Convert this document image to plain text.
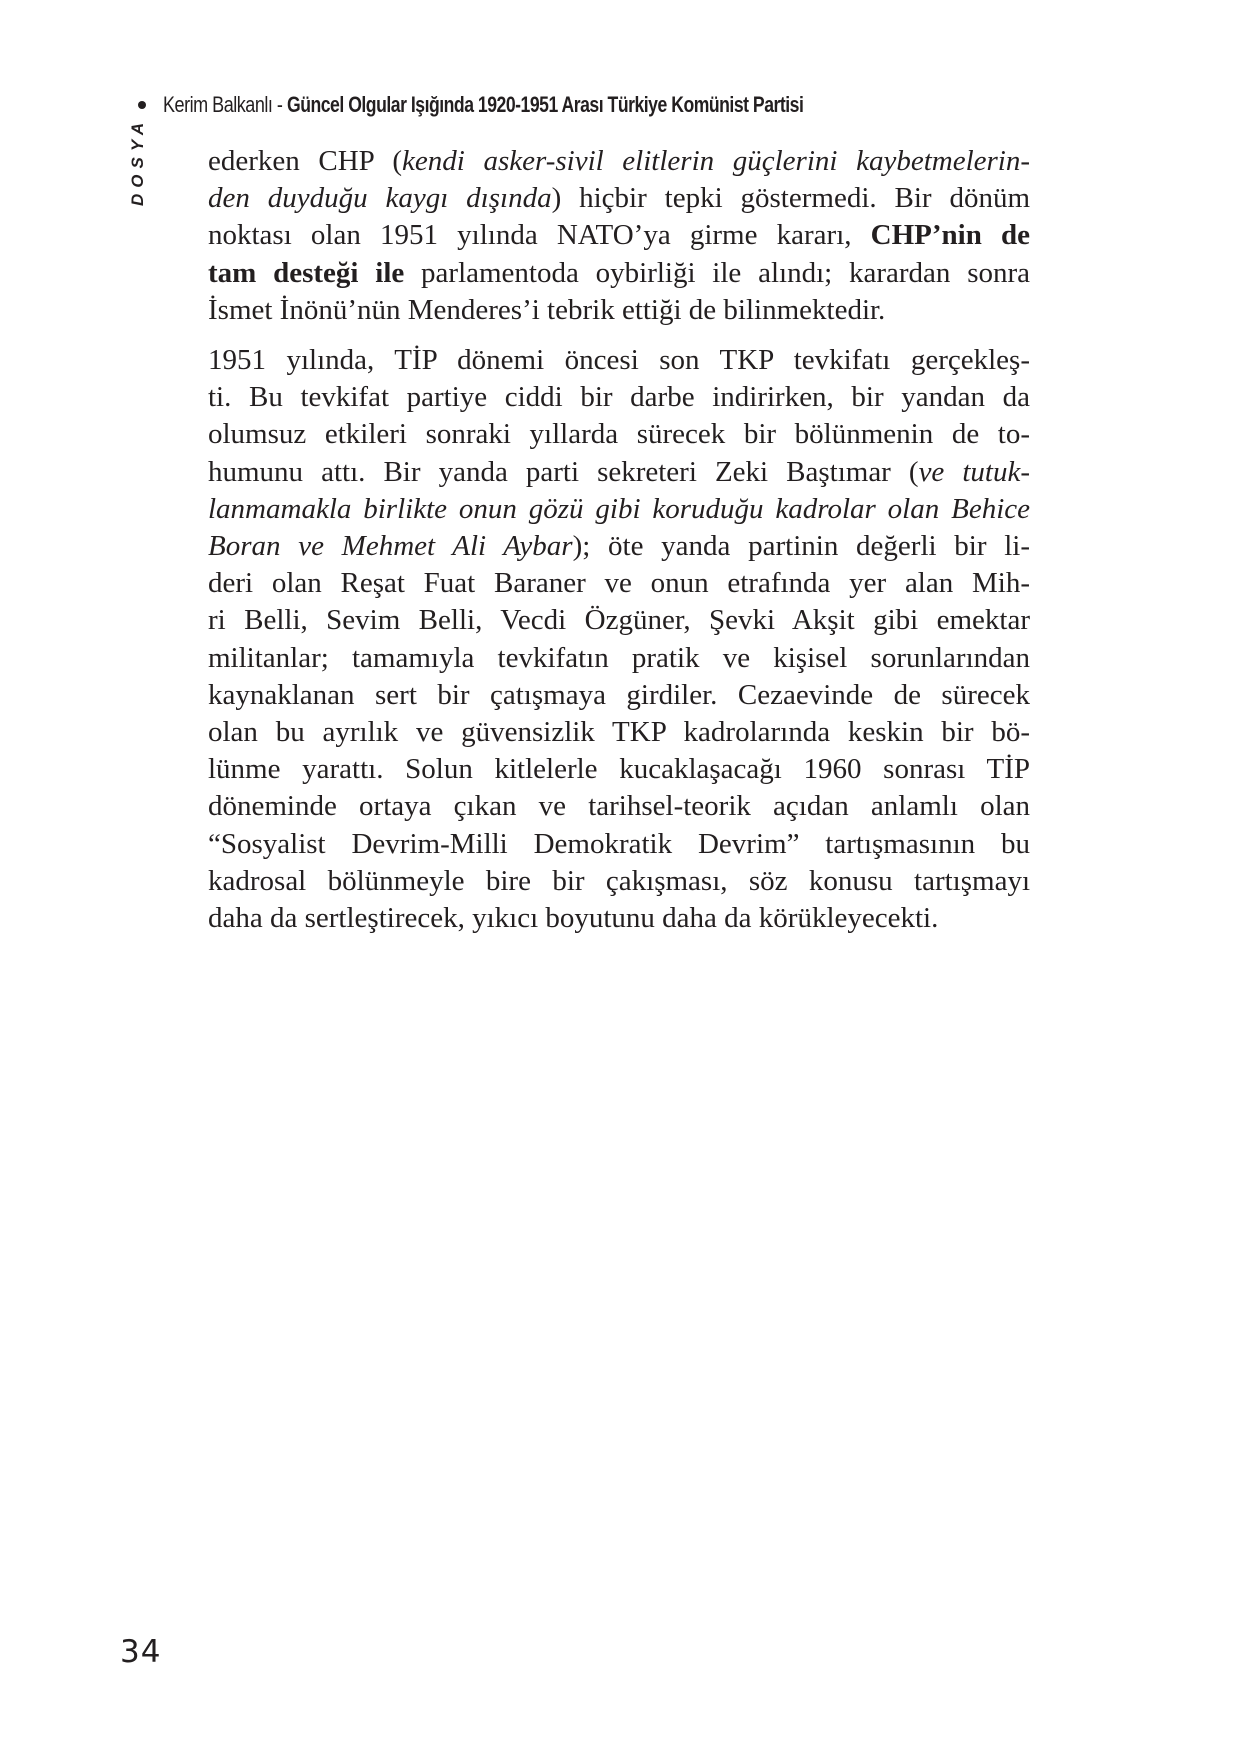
Kerim Balkanlı - Güncel Olgular Işığında 1920-1951 Arası Türkiye Komünist Partisi
DOSYA ederken CHP (kendi asker-sivil elitlerin güçlerini kaybetmelerin-
den duyduğu kaygı dışında) hiçbir tepki göstermedi. Bir dönüm
noktası olan 1951 yılında NATO’ya girme kararı, CHP’nin de
tam desteği ile parlamentoda oybirliği ile alındı; karardan sonra
İsmet İnönü’nün Menderes’i tebrik ettiği de bilinmektedir.

1951 yılında, TİP dönemi öncesi son TKP tevkifatı gerçekleş-
ti. Bu tevkifat partiye ciddi bir darbe indirirken, bir yandan da
olumsuz etkileri sonraki yıllarda sürecek bir bölünmenin de to-
humunu attı. Bir yanda parti sekreteri Zeki Baştımar (ve tutuk-
lanmamakla birlikte onun gözü gibi koruduğu kadrolar olan Behice
Boran ve Mehmet Ali Aybar); öte yanda partinin değerli bir li-
deri olan Reşat Fuat Baraner ve onun etrafında yer alan Mih-
ri Belli, Sevim Belli, Vecdi Özgüner, Şevki Akşit gibi emektar
militanlar; tamamıyla tevkifatın pratik ve kişisel sorunlarından
kaynaklanan sert bir çatışmaya girdiler. Cezaevinde de sürecek
olan bu ayrılık ve güvensizlik TKP kadrolarında keskin bir bö-
lünme yarattı. Solun kitlelerle kucaklaşacağı 1960 sonrası TİP
döneminde ortaya çıkan ve tarihsel-teorik açıdan anlamlı olan
“Sosyalist Devrim-Milli Demokratik Devrim” tartışmasının bu
kadrosal bölünmeyle bire bir çakışması, söz konusu tartışmayı
daha da sertleştirecek, yıkıcı boyutunu daha da körükleyecekti.

34
